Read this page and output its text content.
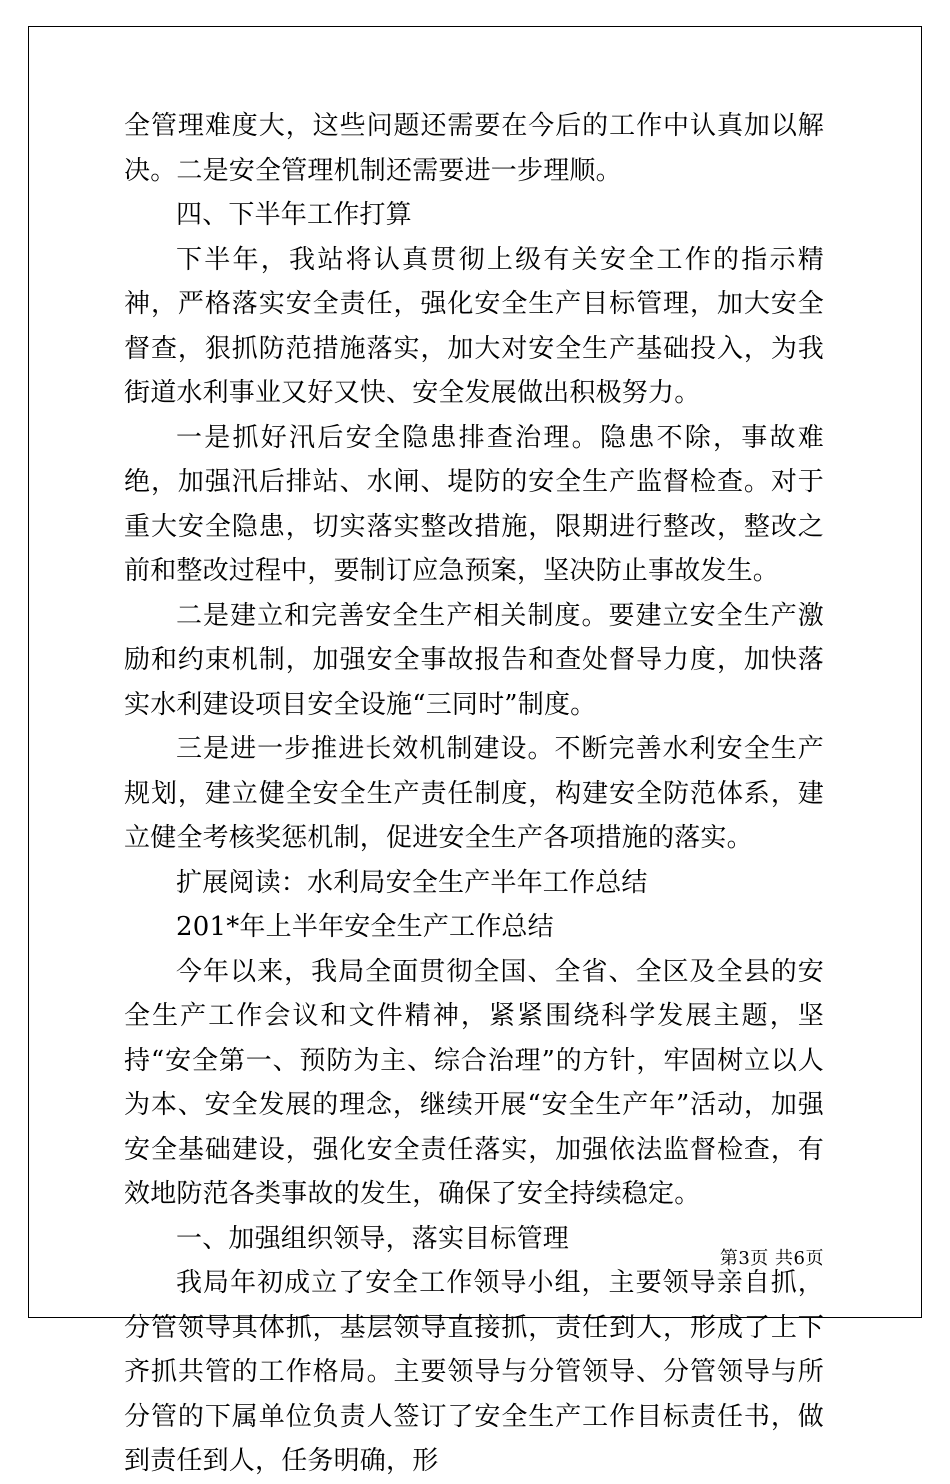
全管理难度大，这些问题还需要在今后的工作中认真加以解决。二是安全管理机制还需要进一步理顺。

四、下半年工作打算

下半年，我站将认真贯彻上级有关安全工作的指示精神，严格落实安全责任，强化安全生产目标管理，加大安全督查，狠抓防范措施落实，加大对安全生产基础投入，为我街道水利事业又好又快、安全发展做出积极努力。

一是抓好汛后安全隐患排查治理。隐患不除，事故难绝，加强汛后排站、水闸、堤防的安全生产监督检查。对于重大安全隐患，切实落实整改措施，限期进行整改，整改之前和整改过程中，要制订应急预案，坚决防止事故发生。

二是建立和完善安全生产相关制度。要建立安全生产激励和约束机制，加强安全事故报告和查处督导力度，加快落实水利建设项目安全设施“三同时”制度。

三是进一步推进长效机制建设。不断完善水利安全生产规划，建立健全安全生产责任制度，构建安全防范体系，建立健全考核奖惩机制，促进安全生产各项措施的落实。

扩展阅读：水利局安全生产半年工作总结

201*年上半年安全生产工作总结

今年以来，我局全面贯彻全国、全省、全区及全县的安全生产工作会议和文件精神，紧紧围绕科学发展主题，坚持“安全第一、预防为主、综合治理”的方针，牢固树立以人为本、安全发展的理念，继续开展“安全生产年”活动，加强安全基础建设，强化安全责任落实，加强依法监督检查，有效地防范各类事故的发生，确保了安全持续稳定。

一、加强组织领导，落实目标管理

我局年初成立了安全工作领导小组，主要领导亲自抓，分管领导具体抓，基层领导直接抓，责任到人，形成了上下齐抓共管的工作格局。主要领导与分管领导、分管领导与所分管的下属单位负责人签订了安全生产工作目标责任书，做到责任到人，任务明确，形

第3页 共6页
